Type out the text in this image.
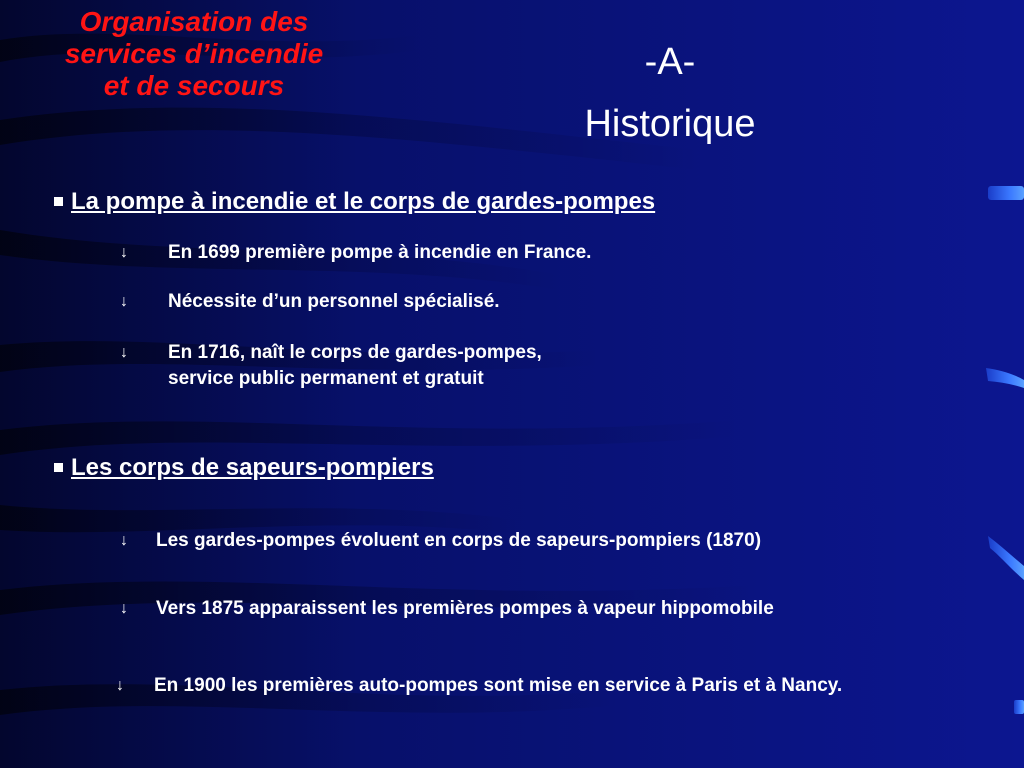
Organisation des
services d’incendie
et de secours
-A-
Historique
La pompe à incendie et le corps de gardes-pompes
↓ En 1699 première pompe à incendie en France.
↓ Nécessite d’un personnel spécialisé.
↓ En 1716, naît le corps de gardes-pompes,
service public permanent et gratuit
Les corps de sapeurs-pompiers
↓ Les gardes-pompes évoluent en corps de sapeurs-pompiers (1870)
↓ Vers 1875 apparaissent les premières pompes à vapeur hippomobile
↓ En 1900 les premières auto-pompes sont mise en service à Paris et à Nancy.
